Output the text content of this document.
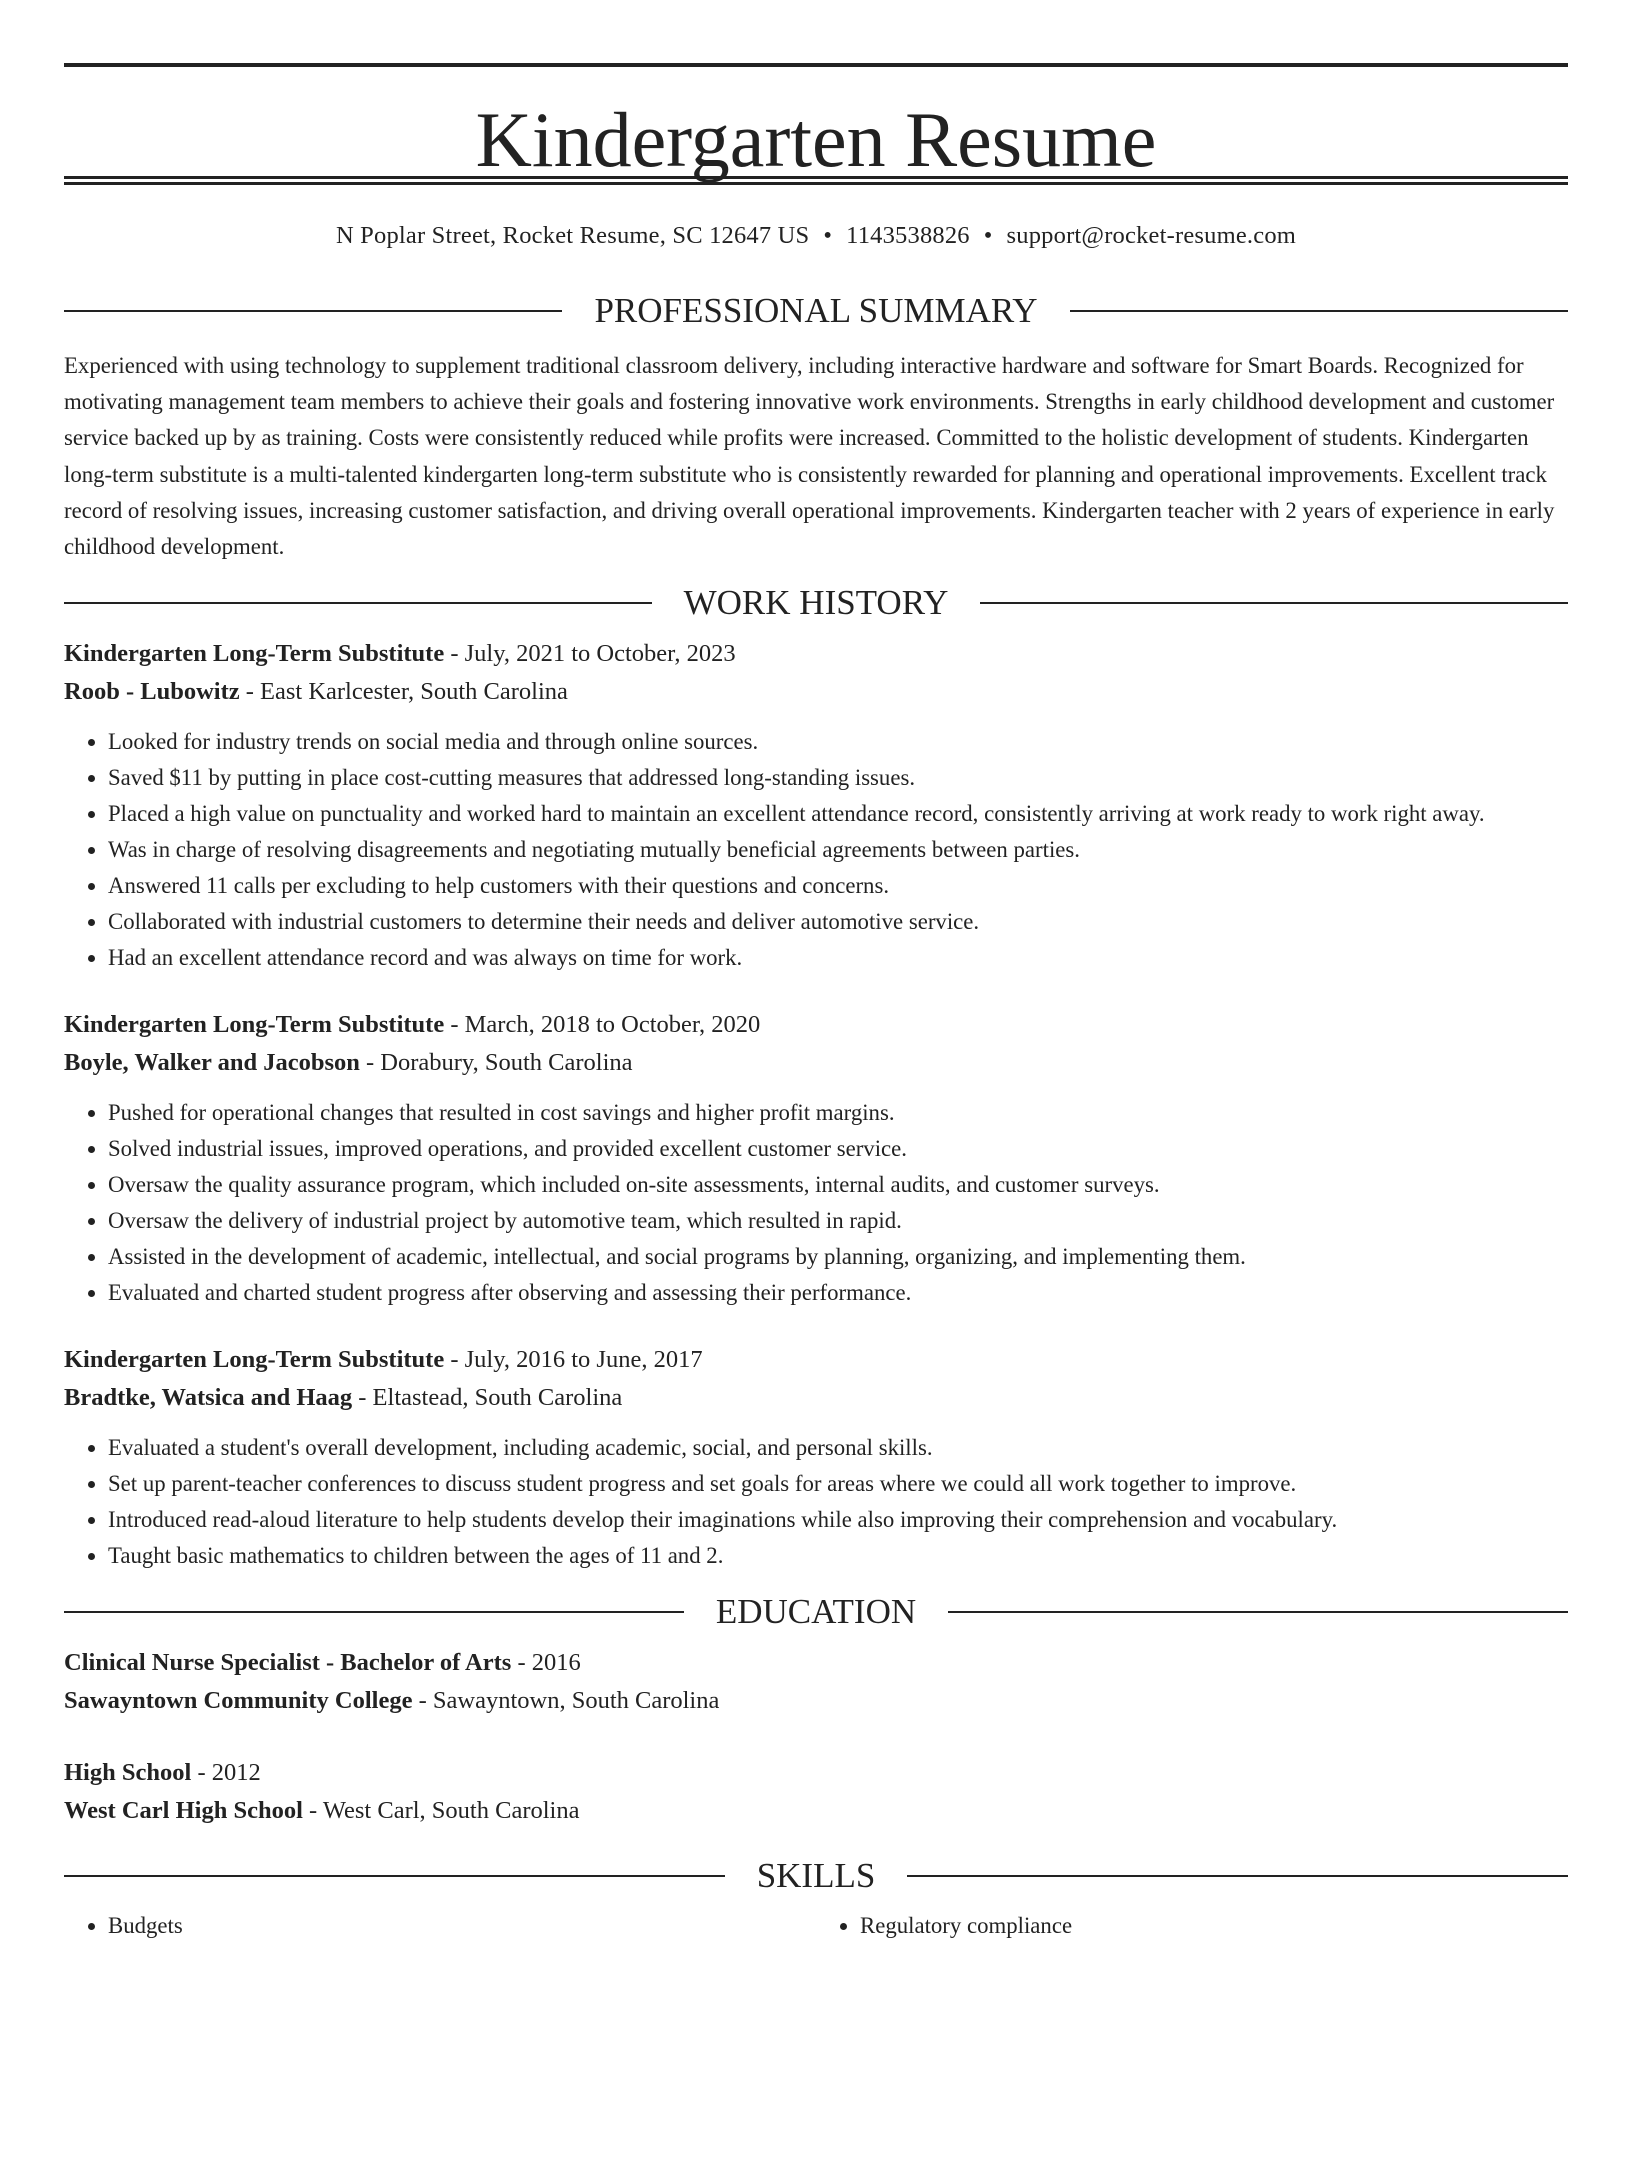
Kindergarten Resume
N Poplar Street, Rocket Resume, SC 12647 US • 1143538826 • support@rocket-resume.com
PROFESSIONAL SUMMARY

Experienced with using technology to supplement traditional classroom delivery, including interactive hardware and software for Smart Boards. Recognized for motivating management team members to achieve their goals and fostering innovative work environments. Strengths in early childhood development and customer service backed up by as training. Costs were consistently reduced while profits were increased. Committed to the holistic development of students. Kindergarten long-term substitute is a multi-talented kindergarten long-term substitute who is consistently rewarded for planning and operational improvements. Excellent track record of resolving issues, increasing customer satisfaction, and driving overall operational improvements. Kindergarten teacher with 2 years of experience in early childhood development.

WORK HISTORY
Kindergarten Long-Term Substitute - July, 2021 to October, 2023
Roob - Lubowitz - East Karlcester, South Carolina
• Looked for industry trends on social media and through online sources.
• Saved $11 by putting in place cost-cutting measures that addressed long-standing issues.
• Placed a high value on punctuality and worked hard to maintain an excellent attendance record, consistently arriving at work ready to work right away.
• Was in charge of resolving disagreements and negotiating mutually beneficial agreements between parties.
• Answered 11 calls per excluding to help customers with their questions and concerns.
• Collaborated with industrial customers to determine their needs and deliver automotive service.
• Had an excellent attendance record and was always on time for work.
Kindergarten Long-Term Substitute - March, 2018 to October, 2020
Boyle, Walker and Jacobson - Dorabury, South Carolina
• Pushed for operational changes that resulted in cost savings and higher profit margins.
• Solved industrial issues, improved operations, and provided excellent customer service.
• Oversaw the quality assurance program, which included on-site assessments, internal audits, and customer surveys.
• Oversaw the delivery of industrial project by automotive team, which resulted in rapid.
• Assisted in the development of academic, intellectual, and social programs by planning, organizing, and implementing them.
• Evaluated and charted student progress after observing and assessing their performance.
Kindergarten Long-Term Substitute - July, 2016 to June, 2017
Bradtke, Watsica and Haag - Eltastead, South Carolina
• Evaluated a student's overall development, including academic, social, and personal skills.
• Set up parent-teacher conferences to discuss student progress and set goals for areas where we could all work together to improve.
• Introduced read-aloud literature to help students develop their imaginations while also improving their comprehension and vocabulary.
• Taught basic mathematics to children between the ages of 11 and 2.
EDUCATION
Clinical Nurse Specialist - Bachelor of Arts - 2016
Sawayntown Community College - Sawayntown, South Carolina
High School - 2012
West Carl High School - West Carl, South Carolina
SKILLS
• Budgets
•	Regulatory compliance
